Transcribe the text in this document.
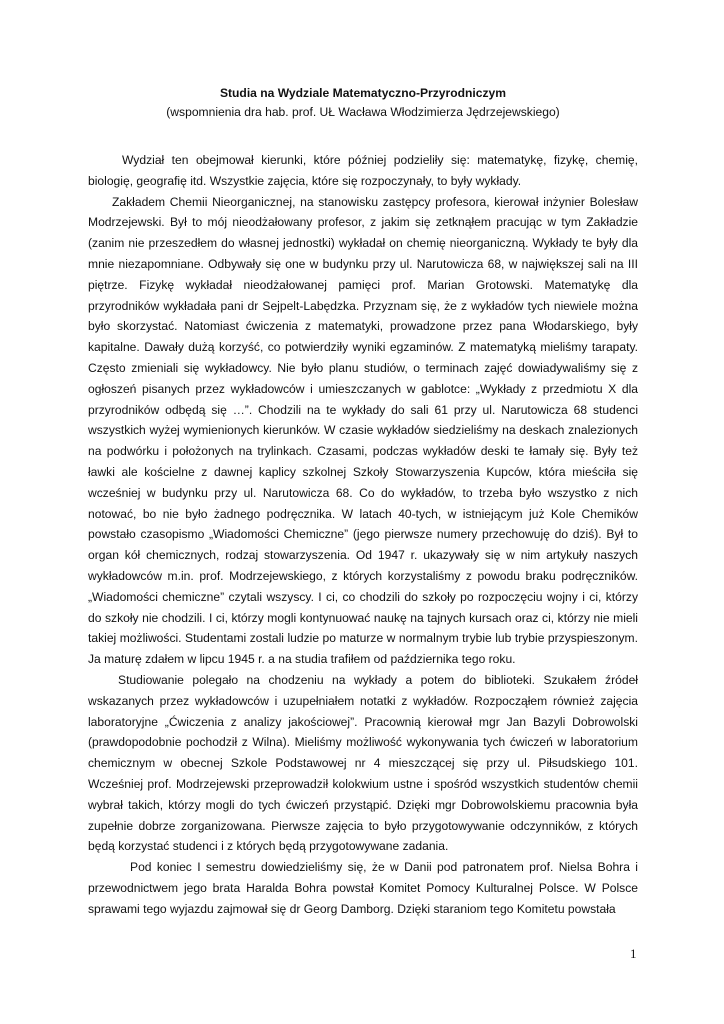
Studia na Wydziale Matematyczno-Przyrodniczym
(wspomnienia dra hab. prof. UŁ Wacława Włodzimierza Jędrzejewskiego)

Wydział ten obejmował kierunki, które później podzieliły się: matematykę, fizykę, chemię, biologię, geografię itd. Wszystkie zajęcia, które się rozpoczynały, to były wykłady.

Zakładem Chemii Nieorganicznej, na stanowisku zastępcy profesora, kierował inżynier Bolesław Modrzejewski. Był to mój nieodżałowany profesor, z jakim się zetknąłem pracując w tym Zakładzie (zanim nie przeszedłem do własnej jednostki) wykładał on chemię nieorganiczną. Wykłady te były dla mnie niezapomniane. Odbywały się one w budynku przy ul. Narutowicza 68, w największej sali na III piętrze. Fizykę wykładał nieodżałowanej pamięci prof. Marian Grotowski. Matematykę dla przyrodników wykładała pani dr Sejpelt-Labędzka. Przyznam się, że z wykładów tych niewiele można było skorzystać. Natomiast ćwiczenia z matematyki, prowadzone przez pana Włodarskiego, były kapitalne. Dawały dużą korzyść, co potwierdziły wyniki egzaminów. Z matematyką mieliśmy tarapaty. Często zmieniali się wykładowcy. Nie było planu studiów, o terminach zajęć dowiadywaliśmy się z ogłoszeń pisanych przez wykładowców i umieszczanych w gablotce: „Wykłady z przedmiotu X dla przyrodników odbędą się …”. Chodzili na te wykłady do sali 61 przy ul. Narutowicza 68 studenci wszystkich wyżej wymienionych kierunków. W czasie wykładów siedzieliśmy na deskach znalezionych na podwórku i położonych na trylinkach. Czasami, podczas wykładów deski te łamały się. Były też ławki ale kościelne z dawnej kaplicy szkolnej Szkoły Stowarzyszenia Kupców, która mieściła się wcześniej w budynku przy ul. Narutowicza 68. Co do wykładów, to trzeba było wszystko z nich notować, bo nie było żadnego podręcznika. W latach 40-tych, w istniejącym już Kole Chemików powstało czasopismo „Wiadomości Chemiczne” (jego pierwsze numery przechowuję do dziś). Był to organ kół chemicznych, rodzaj stowarzyszenia. Od 1947 r. ukazywały się w nim artykuły naszych wykładowców m.in. prof. Modrzejewskiego, z których korzystaliśmy z powodu braku podręczników. „Wiadomości chemiczne” czytali wszyscy. I ci, co chodzili do szkoły po rozpoczęciu wojny i ci, którzy do szkoły nie chodzili. I ci, którzy mogli kontynuować naukę na tajnych kursach oraz ci, którzy nie mieli takiej możliwości. Studentami zostali ludzie po maturze w normalnym trybie lub trybie przyspieszonym. Ja maturę zdałem w lipcu 1945 r. a na studia trafiłem od października tego roku.

Studiowanie polegało na chodzeniu na wykłady a potem do biblioteki. Szukałem źródeł wskazanych przez wykładowców i uzupełniałem notatki z wykładów. Rozpocząłem również zajęcia laboratoryjne „Ćwiczenia z analizy jakościowej”. Pracownią kierował mgr Jan Bazyli Dobrowolski (prawdopodobnie pochodził z Wilna). Mieliśmy możliwość wykonywania tych ćwiczeń w laboratorium chemicznym w obecnej Szkole Podstawowej nr 4 mieszczącej się przy ul. Piłsudskiego 101. Wcześniej prof. Modrzejewski przeprowadził kolokwium ustne i spośród wszystkich studentów chemii wybrał takich, którzy mogli do tych ćwiczeń przystąpić. Dzięki mgr Dobrowolskiemu pracownia była zupełnie dobrze zorganizowana. Pierwsze zajęcia to było przygotowywanie odczynników, z których będą korzystać studenci i z których będą przygotowywane zadania.

Pod koniec I semestru dowiedzieliśmy się, że w Danii pod patronatem prof. Nielsa Bohra i przewodnictwem jego brata Haralda Bohra powstał Komitet Pomocy Kulturalnej Polsce. W Polsce sprawami tego wyjazdu zajmował się dr Georg Damborg. Dzięki staraniom tego Komitetu powstała

1
